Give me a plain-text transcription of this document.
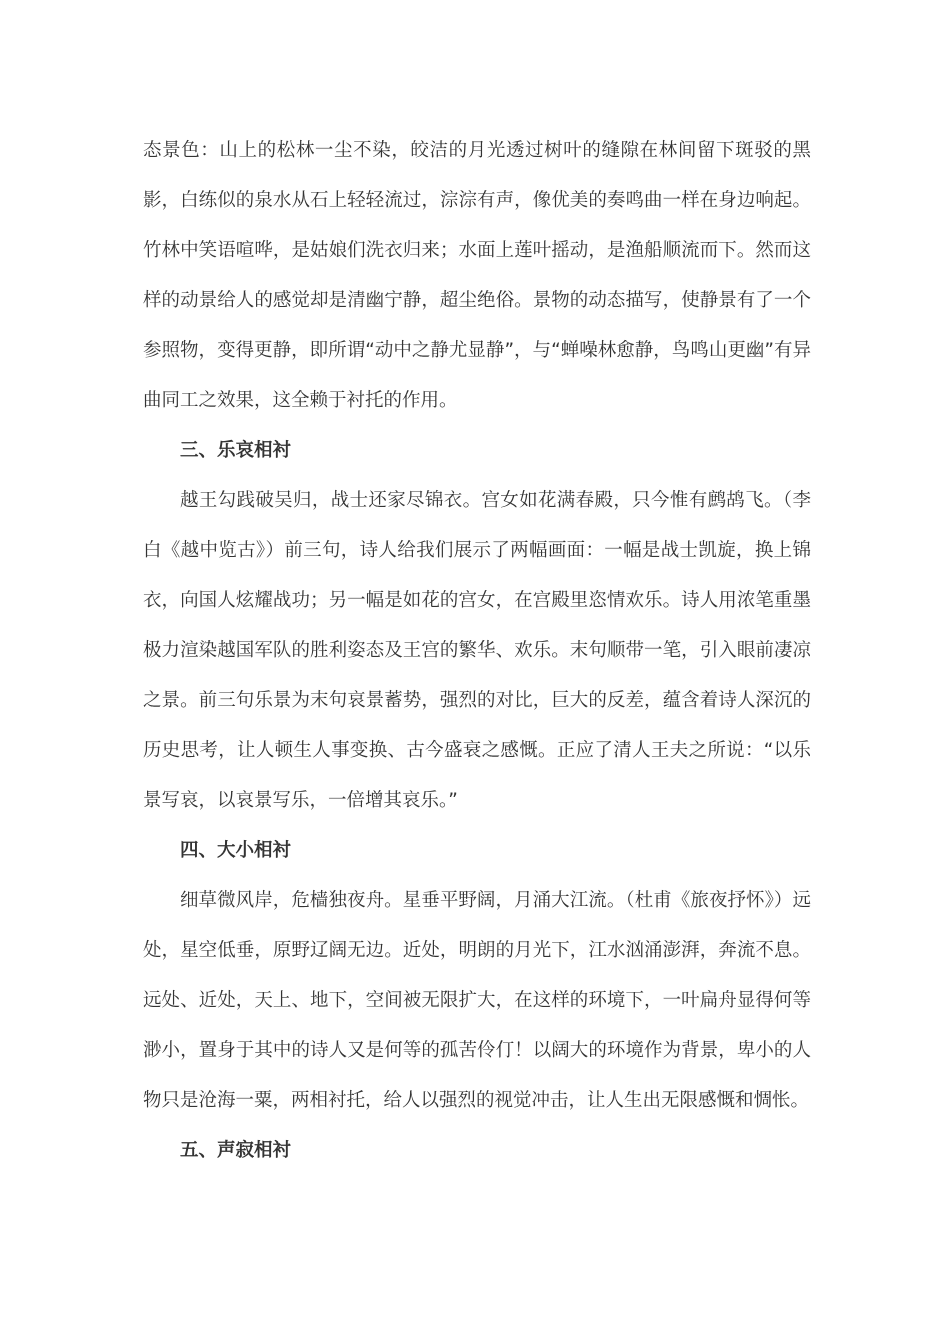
态景色：山上的松林一尘不染，皎洁的月光透过树叶的缝隙在林间留下斑驳的黑影，白练似的泉水从石上轻轻流过，淙淙有声，像优美的奏鸣曲一样在身边响起。竹林中笑语喧哗，是姑娘们洗衣归来；水面上莲叶摇动，是渔船顺流而下。然而这样的动景给人的感觉却是清幽宁静，超尘绝俗。景物的动态描写，使静景有了一个参照物，变得更静，即所谓“动中之静尤显静”，与“蝉噪林愈静，鸟鸣山更幽”有异曲同工之效果，这全赖于衬托的作用。

三、乐哀相衬

越王勾践破吴归，战士还家尽锦衣。宫女如花满春殿，只今惟有鹧鸪飞。（李白《越中览古》）前三句，诗人给我们展示了两幅画面：一幅是战士凯旋，换上锦衣，向国人炫耀战功；另一幅是如花的宫女，在宫殿里恣情欢乐。诗人用浓笔重墨极力渲染越国军队的胜利姿态及王宫的繁华、欢乐。末句顺带一笔，引入眼前凄凉之景。前三句乐景为末句哀景蓄势，强烈的对比，巨大的反差，蕴含着诗人深沉的历史思考，让人顿生人事变换、古今盛衰之感慨。正应了清人王夫之所说：“以乐景写哀，以哀景写乐，一倍增其哀乐。”

四、大小相衬

细草微风岸，危樯独夜舟。星垂平野阔，月涌大江流。（杜甫《旅夜抒怀》）远处，星空低垂，原野辽阔无边。近处，明朗的月光下，江水汹涌澎湃，奔流不息。远处、近处，天上、地下，空间被无限扩大，在这样的环境下，一叶扁舟显得何等渺小，置身于其中的诗人又是何等的孤苦伶仃！以阔大的环境作为背景，卑小的人物只是沧海一粟，两相衬托，给人以强烈的视觉冲击，让人生出无限感慨和惆怅。

五、声寂相衬
